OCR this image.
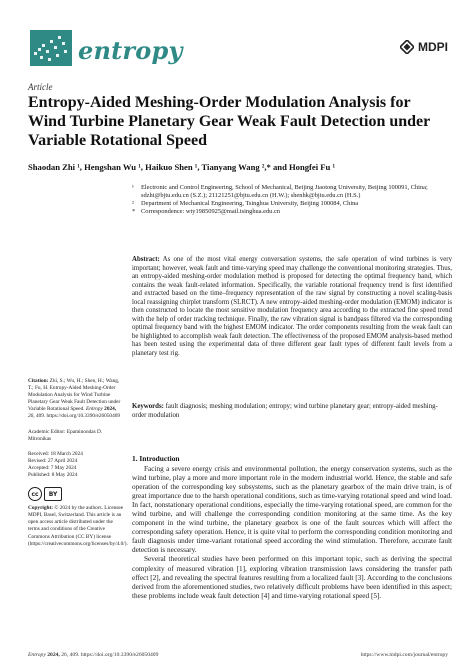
entropy	MDPI
Article
Entropy-Aided Meshing-Order Modulation Analysis for Wind Turbine Planetary Gear Weak Fault Detection under Variable Rotational Speed
Shaodan Zhi ¹, Hengshan Wu ¹, Haikuo Shen ¹, Tianyang Wang ²,* and Hongfei Fu ¹
¹	Electronic and Control Engineering, School of Mechanical, Beijing Jiaotong University, Beijing 100091, China; sdzhi@bjtu.edu.cn (S.Z.); 21121251@bjtu.edu.cn (H.W.); shenhk@bjtu.edu.cn (H.S.)
²	Department of Mechanical Engineering, Tsinghua University, Beijing 100084, China
* Correspondence: wty19850925@mail.tsinghua.edu.cn
Abstract: As one of the most vital energy conversation systems, the safe operation of wind turbines is very important; however, weak fault and time-varying speed may challenge the conventional monitoring strategies. Thus, an entropy-aided meshing-order modulation method is proposed for detecting the optimal frequency band, which contains the weak fault-related information. Specifically, the variable rotational frequency trend is first identified and extracted based on the time–frequency representation of the raw signal by constructing a novel scaling-basis local reassigning chirplet transform (SLRCT). A new entropy-aided meshing-order modulation (EMOM) indicator is then constructed to locate the most sensitive modulation frequency area according to the extracted fine speed trend with the help of order tracking technique. Finally, the raw vibration signal is bandpass filtered via the corresponding optimal frequency band with the highest EMOM indicator. The order components resulting from the weak fault can be highlighted to accomplish weak fault detection. The effectiveness of the proposed EMOM analysis-based method has been tested using the experimental data of three different gear fault types of different fault levels from a planetary test rig.
Keywords: fault diagnosis; meshing modulation; entropy; wind turbine planetary gear; entropy-aided meshing-order modulation
Citation: Zhi, S.; Wu, H.; Shen, H.; Wang, T.; Fu, H. Entropy-Aided Meshing-Order Modulation Analysis for Wind Turbine Planetary Gear Weak Fault Detection under Variable Rotational Speed. Entropy 2024, 26, 409. https://doi.org/10.3390/e26050409
Academic Editor: Epaminondas D.
Mitronikas
Received: 18 March 2024
Revised: 27 April 2024
Accepted: 7 May 2024
Published: 8 May 2024
cc	BY
Copyright: © 2024 by the authors. Licensee MDPI, Basel, Switzerland. This article is an open access article distributed under the terms and conditions of the Creative Commons Attribution (CC BY) license (https://creativecommons.org/licenses/by/4.0/).
1. Introduction

Facing a severe energy crisis and environmental pollution, the energy conservation systems, such as the wind turbine, play a more and more important role in the modern industrial world. Hence, the stable and safe operation of the corresponding key subsystems, such as the planetary gearbox of the main drive train, is of great importance due to the harsh operational conditions, such as time-varying rotational speed and wind load. In fact, nonstationary operational conditions, especially the time-varying rotational speed, are common for the wind turbine, and will challenge the corresponding condition monitoring at the same time. As the key component in the wind turbine, the planetary gearbox is one of the fault sources which will affect the corresponding safety operation. Hence, it is quite vital to perform the corresponding condition monitoring and fault diagnosis under time-variant rotational speed according the wind stimulation. Therefore, accurate fault detection is necessary.

Several theoretical studies have been performed on this important topic, such as deriving the spectral complexity of measured vibration [1], exploring vibration transmission laws considering the transfer path effect [2], and revealing the spectral features resulting from a localized fault [3]. According to the conclusions derived from the aforementioned studies, two relatively difficult problems have been identified in this aspect; these problems include weak fault detection [4] and time-varying rotational speed [5].

Entropy 2024, 26, 409. https://doi.org/10.3390/e26050409	https://www.mdpi.com/journal/entropy
